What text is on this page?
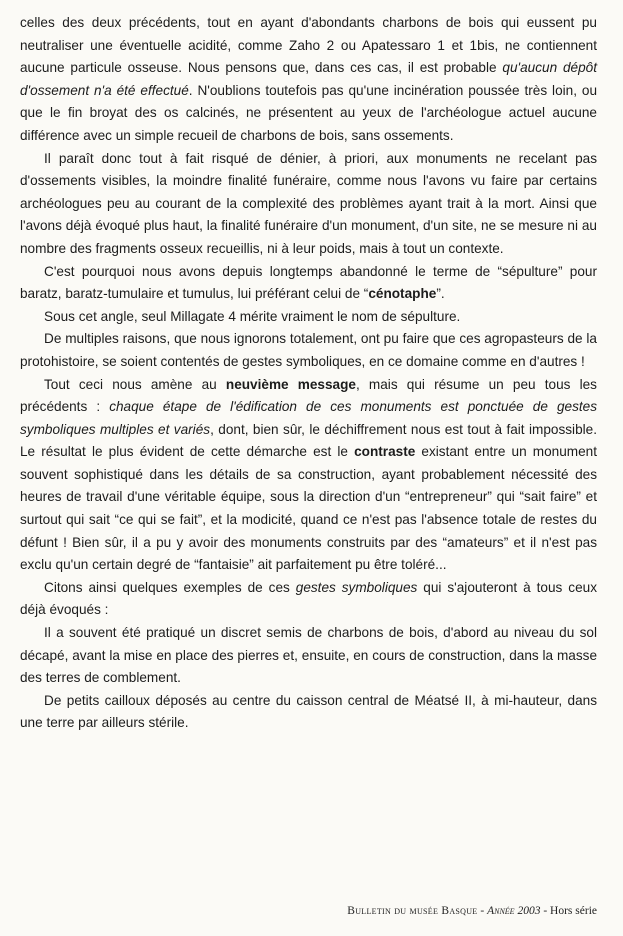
celles des deux précédents, tout en ayant d'abondants charbons de bois qui eussent pu neutraliser une éventuelle acidité, comme Zaho 2 ou Apatessaro 1 et 1bis, ne contiennent aucune particule osseuse. Nous pensons que, dans ces cas, il est probable qu'aucun dépôt d'ossement n'a été effectué. N'oublions toutefois pas qu'une incinération poussée très loin, ou que le fin broyat des os calcinés, ne présentent au yeux de l'archéologue actuel aucune différence avec un simple recueil de charbons de bois, sans ossements.

Il paraît donc tout à fait risqué de dénier, à priori, aux monuments ne recelant pas d'ossements visibles, la moindre finalité funéraire, comme nous l'avons vu faire par certains archéologues peu au courant de la complexité des problèmes ayant trait à la mort. Ainsi que l'avons déjà évoqué plus haut, la finalité funéraire d'un monument, d'un site, ne se mesure ni au nombre des fragments osseux recueillis, ni à leur poids, mais à tout un contexte.

C'est pourquoi nous avons depuis longtemps abandonné le terme de “sépulture” pour baratz, baratz-tumulaire et tumulus, lui préférant celui de “cénotaphe”.

Sous cet angle, seul Millagate 4 mérite vraiment le nom de sépulture.

De multiples raisons, que nous ignorons totalement, ont pu faire que ces agropasteurs de la protohistoire, se soient contentés de gestes symboliques, en ce domaine comme en d'autres !

Tout ceci nous amène au neuvième message, mais qui résume un peu tous les précédents : chaque étape de l'édification de ces monuments est ponctuée de gestes symboliques multiples et variés, dont, bien sûr, le déchiffrement nous est tout à fait impossible. Le résultat le plus évident de cette démarche est le contraste existant entre un monument souvent sophistiqué dans les détails de sa construction, ayant probablement nécessité des heures de travail d'une véritable équipe, sous la direction d'un “entrepreneur” qui “sait faire” et surtout qui sait “ce qui se fait”, et la modicité, quand ce n'est pas l'absence totale de restes du défunt ! Bien sûr, il a pu y avoir des monuments construits par des “amateurs” et il n'est pas exclu qu'un certain degré de “fantaisie” ait parfaitement pu être toléré...

Citons ainsi quelques exemples de ces gestes symboliques qui s'ajouteront à tous ceux déjà évoqués :

Il a souvent été pratiqué un discret semis de charbons de bois, d'abord au niveau du sol décapé, avant la mise en place des pierres et, ensuite, en cours de construction, dans la masse des terres de comblement.

De petits cailloux déposés au centre du caisson central de Méatsé II, à mi-hauteur, dans une terre par ailleurs stérile.

Bulletin du musée Basque - Année 2003 - Hors série
